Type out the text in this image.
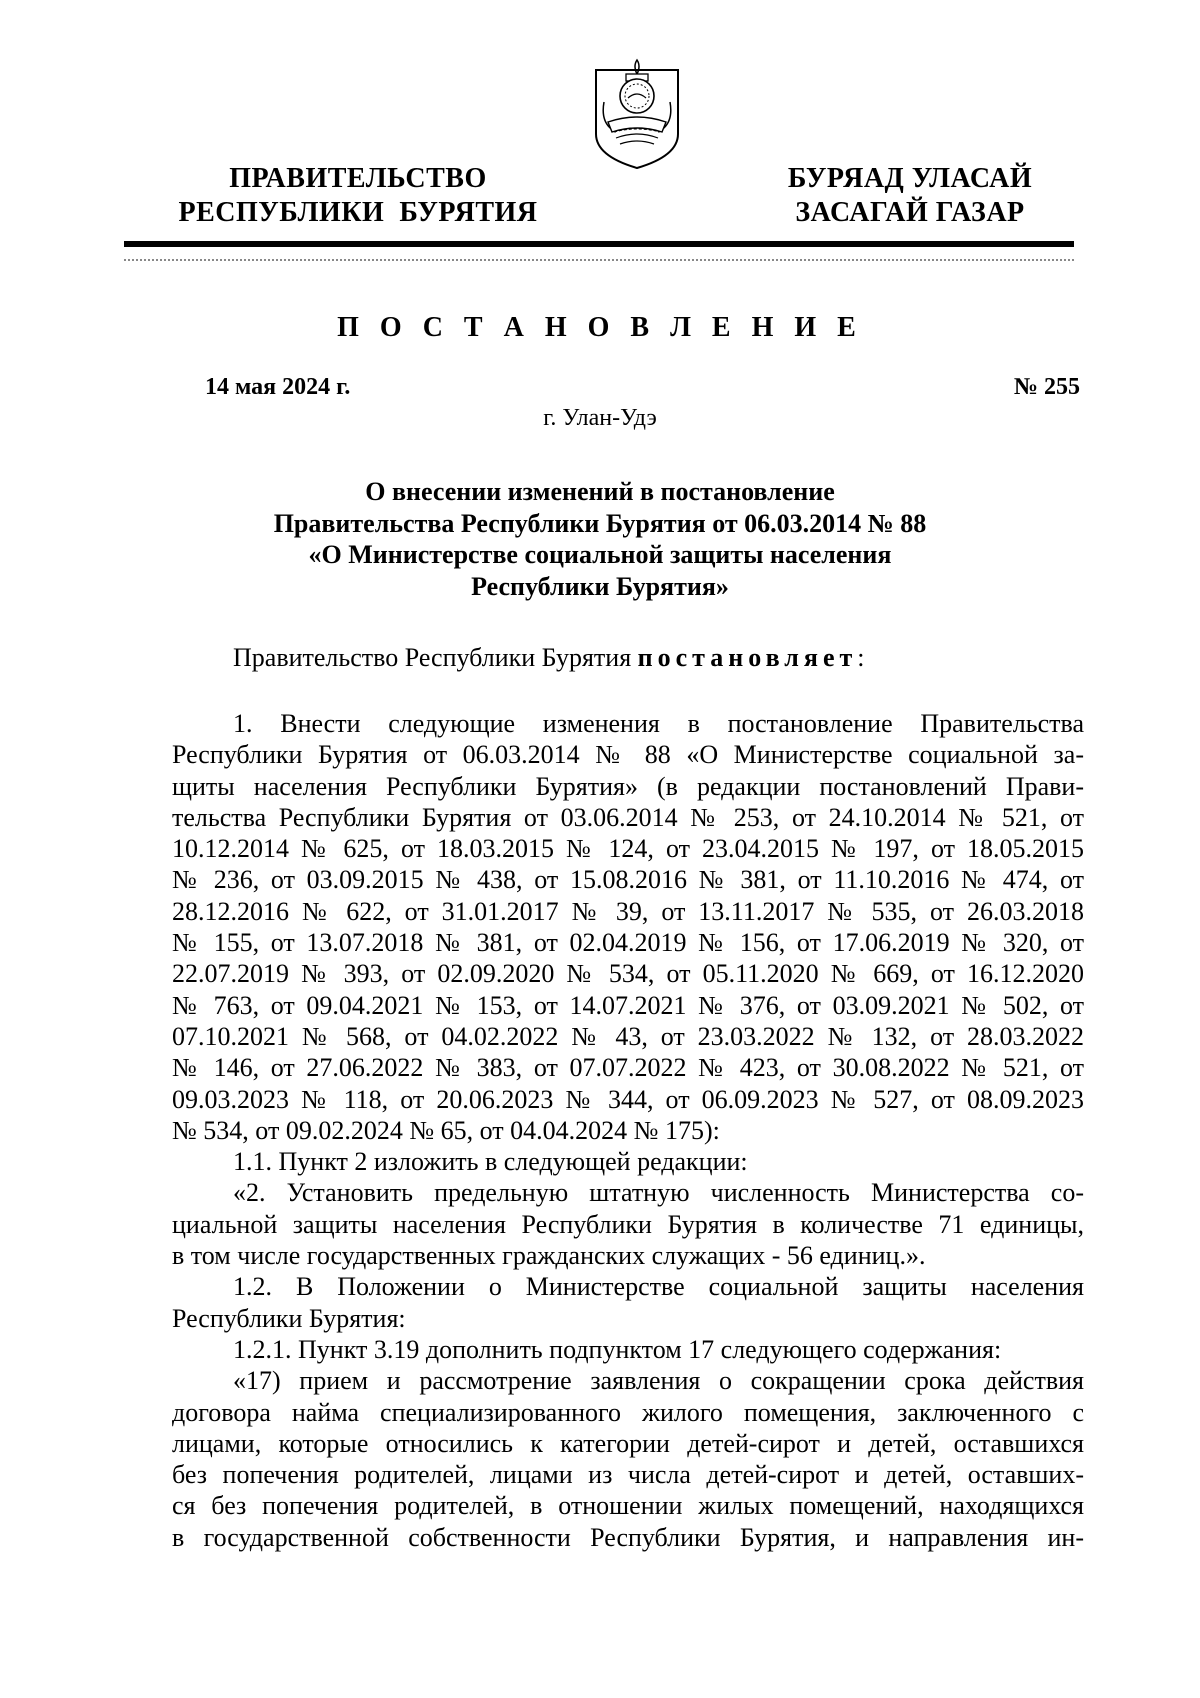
ПРАВИТЕЛЬСТВО
РЕСПУБЛИКИ  БУРЯТИЯ
БУРЯАД УЛАСАЙ
ЗАСАГАЙ ГАЗАР
П О С Т А Н О В Л Е Н И Е
14 мая 2024 г.	№ 255
г. Улан-Удэ
О внесении изменений в постановление
Правительства Республики Бурятия от 06.03.2014 № 88
«О Министерстве социальной защиты населения
Республики Бурятия»
Правительство Республики Бурятия постановляет:
1. Внести следующие изменения в постановление Правительства
Республики Бурятия от 06.03.2014 № 88 «О Министерстве социальной за-
щиты населения Республики Бурятия» (в редакции постановлений Прави-
тельства Республики Бурятия от 03.06.2014 № 253, от 24.10.2014 № 521, от
10.12.2014 № 625, от 18.03.2015 № 124, от 23.04.2015 № 197, от 18.05.2015
№ 236, от 03.09.2015 № 438, от 15.08.2016 № 381, от 11.10.2016 № 474, от
28.12.2016 № 622, от 31.01.2017 № 39, от 13.11.2017 № 535, от 26.03.2018
№ 155, от 13.07.2018 № 381, от 02.04.2019 № 156, от 17.06.2019 № 320, от
22.07.2019 № 393, от 02.09.2020 № 534, от 05.11.2020 № 669, от 16.12.2020
№ 763, от 09.04.2021 № 153, от 14.07.2021 № 376, от 03.09.2021 № 502, от
07.10.2021 № 568, от 04.02.2022 № 43, от 23.03.2022 № 132, от 28.03.2022
№ 146, от 27.06.2022 № 383, от 07.07.2022 № 423, от 30.08.2022 № 521, от
09.03.2023 № 118, от 20.06.2023 № 344, от 06.09.2023 № 527, от 08.09.2023
№ 534, от 09.02.2024 № 65, от 04.04.2024 № 175):
1.1. Пункт 2 изложить в следующей редакции:
«2. Установить предельную штатную численность Министерства со-
циальной защиты населения Республики Бурятия в количестве 71 единицы,
в том числе государственных гражданских служащих - 56 единиц.».
1.2. В Положении о Министерстве социальной защиты населения
Республики Бурятия:
1.2.1. Пункт 3.19 дополнить подпунктом 17 следующего содержания:
«17) прием и рассмотрение заявления о сокращении срока действия
договора найма специализированного жилого помещения, заключенного с
лицами, которые относились к категории детей-сирот и детей, оставшихся
без попечения родителей, лицами из числа детей-сирот и детей, оставших-
ся без попечения родителей, в отношении жилых помещений, находящихся
в государственной собственности Республики Бурятия, и направления ин-
